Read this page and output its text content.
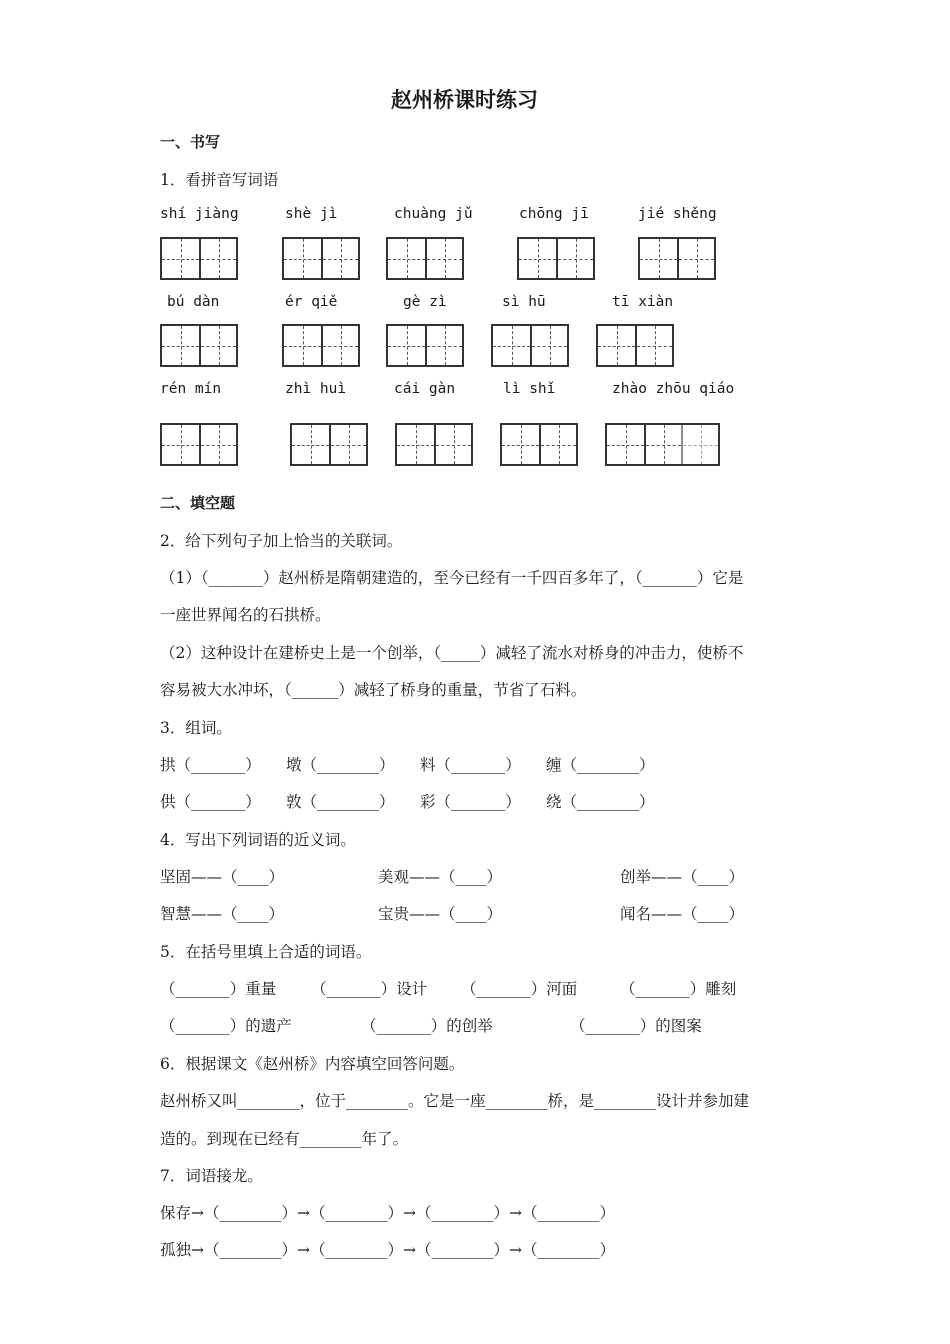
赵州桥课时练习
一、书写
1．看拼音写词语
shí jiàng	shè jì	chuàng jǔ	chōng jī	jié shěng
bú dàn	ér qiě	gè zì	sì hū	tī xiàn
rén mín	zhì huì	cái gàn	lì shǐ	zhào zhōu qiáo
二、填空题
2．给下列句子加上恰当的关联词。
（1）（_______）赵州桥是隋朝建造的，至今已经有一千四百多年了，（_______）它是
一座世界闻名的石拱桥。
（2）这种设计在建桥史上是一个创举，（_____）减轻了流水对桥身的冲击力，使桥不
容易被大水冲坏，（______）减轻了桥身的重量，节省了石料。
3．组词。
拱（_______） 墩（________） 料（_______） 缠（________）
供（_______） 敦（________） 彩（_______） 绕（________）
4．写出下列词语的近义词。
坚固——（____）	美观——（____）	创举——（____）
智慧——（____）	宝贵——（____）	闻名——（____）
5．在括号里填上合适的词语。
（_______）重量 （_______）设计 （_______）河面	（_______）雕刻
（_______）的遗产	（_______）的创举	（_______）的图案
6．根据课文《赵州桥》内容填空回答问题。
赵州桥又叫________，位于________。它是一座________桥，是________设计并参加建
造的。到现在已经有________年了。
7．词语接龙。
保存→（________）→（________）→（________）→（________）
孤独→（________）→（________）→（________）→（________）
